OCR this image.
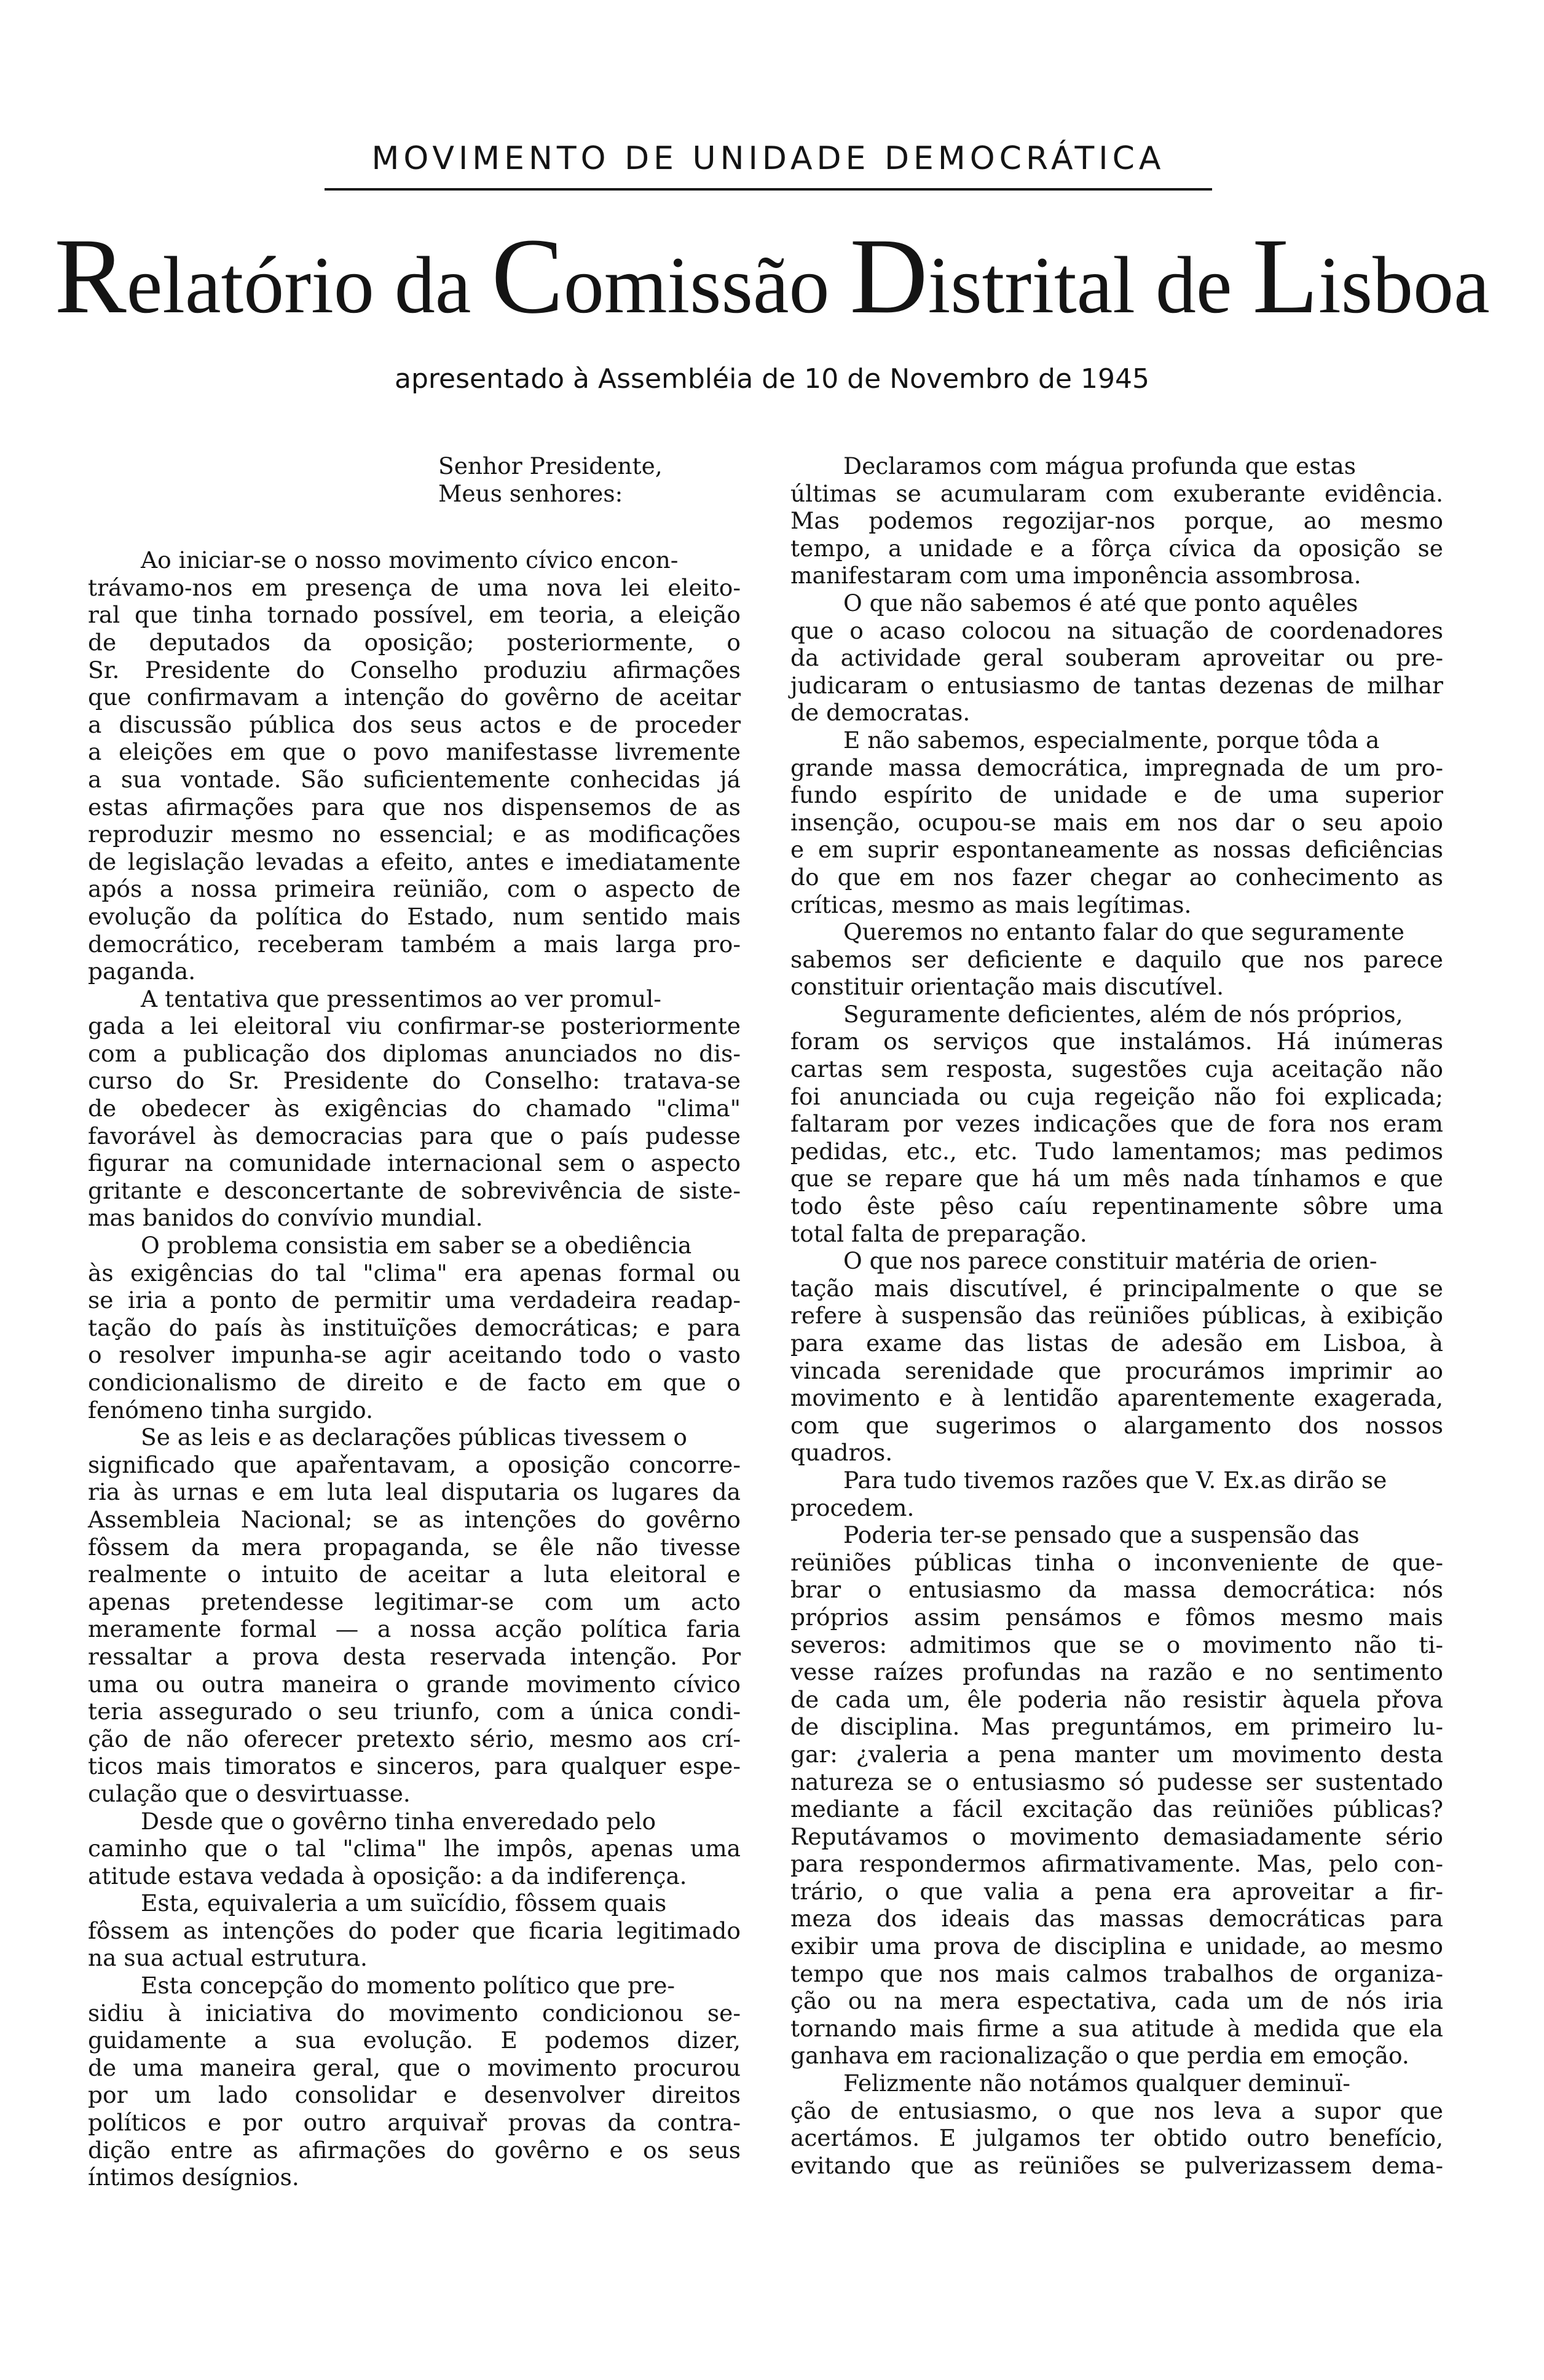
MOVIMENTO DE UNIDADE DEMOCRÁTICA
Relatório da Comissão Distrital de Lisboa
apresentado à Assembléia de 10 de Novembro de 1945
Senhor Presidente,
Meus senhores:
Ao iniciar-se o nosso movimento cívico encon-
trávamo-nos em presença de uma nova lei eleito-
ral que tinha tornado possível, em teoria, a eleição
de deputados da oposição; posteriormente, o
Sr. Presidente do Conselho produziu afirmações
que confirmavam a intenção do govêrno de aceitar
a discussão pública dos seus actos e de proceder
a eleições em que o povo manifestasse livremente
a sua vontade. São suficientemente conhecidas já
estas afirmações para que nos dispensemos de as
reproduzir mesmo no essencial; e as modificações
de legislação levadas a efeito, antes e imediatamente
após a nossa primeira reünião, com o aspecto de
evolução da política do Estado, num sentido mais
democrático, receberam também a mais larga pro-
paganda.
A tentativa que pressentimos ao ver promul-
gada a lei eleitoral viu confirmar-se posteriormente
com a publicação dos diplomas anunciados no dis-
curso do Sr. Presidente do Conselho: tratava-se
de obedecer às exigências do chamado "clima"
favorável às democracias para que o país pudesse
figurar na comunidade internacional sem o aspecto
gritante e desconcertante de sobrevivência de siste-
mas banidos do convívio mundial.
O problema consistia em saber se a obediência
às exigências do tal "clima" era apenas formal ou
se iria a ponto de permitir uma verdadeira readap-
tação do país às instituïções democráticas; e para
o resolver impunha-se agir aceitando todo o vasto
condicionalismo de direito e de facto em que o
fenómeno tinha surgido.
Se as leis e as declarações públicas tivessem o
significado que apařentavam, a oposição concorre-
ria às urnas e em luta leal disputaria os lugares da
Assembleia Nacional; se as intenções do govêrno
fôssem da mera propaganda, se êle não tivesse
realmente o intuito de aceitar a luta eleitoral e
apenas pretendesse legitimar-se com um acto
meramente formal — a nossa acção política faria
ressaltar a prova desta reservada intenção. Por
uma ou outra maneira o grande movimento cívico
teria assegurado o seu triunfo, com a única condi-
ção de não oferecer pretexto sério, mesmo aos crí-
ticos mais timoratos e sinceros, para qualquer espe-
culação que o desvirtuasse.
Desde que o govêrno tinha enveredado pelo
caminho que o tal "clima" lhe impôs, apenas uma
atitude estava vedada à oposição: a da indiferença.
Esta, equivaleria a um suïcídio, fôssem quais
fôssem as intenções do poder que ficaria legitimado
na sua actual estrutura.
Esta concepção do momento político que pre-
sidiu à iniciativa do movimento condicionou se-
guidamente a sua evolução. E podemos dizer,
de uma maneira geral, que o movimento procurou
por um lado consolidar e desenvolver direitos
políticos e por outro arquivař provas da contra-
dição entre as afirmações do govêrno e os seus
íntimos desígnios.
Declaramos com mágua profunda que estas
últimas se acumularam com exuberante evidência.
Mas podemos regozijar-nos porque, ao mesmo
tempo, a unidade e a fôrça cívica da oposição se
manifestaram com uma imponência assombrosa.
O que não sabemos é até que ponto aquêles
que o acaso colocou na situação de coordenadores
da actividade geral souberam aproveitar ou pre-
judicaram o entusiasmo de tantas dezenas de milhar
de democratas.
E não sabemos, especialmente, porque tôda a
grande massa democrática, impregnada de um pro-
fundo espírito de unidade e de uma superior
insenção, ocupou-se mais em nos dar o seu apoio
e em suprir espontaneamente as nossas deficiências
do que em nos fazer chegar ao conhecimento as
críticas, mesmo as mais legítimas.
Queremos no entanto falar do que seguramente
sabemos ser deficiente e daquilo que nos parece
constituir orientação mais discutível.
Seguramente deficientes, além de nós próprios,
foram os serviços que instalámos. Há inúmeras
cartas sem resposta, sugestões cuja aceitação não
foi anunciada ou cuja regeição não foi explicada;
faltaram por vezes indicações que de fora nos eram
pedidas, etc., etc. Tudo lamentamos; mas pedimos
que se repare que há um mês nada tínhamos e que
todo êste pêso caíu repentinamente sôbre uma
total falta de preparação.
O que nos parece constituir matéria de orien-
tação mais discutível, é principalmente o que se
refere à suspensão das reüniões públicas, à exibição
para exame das listas de adesão em Lisboa, à
vincada serenidade que procurámos imprimir ao
movimento e à lentidão aparentemente exagerada,
com que sugerimos o alargamento dos nossos
quadros.
Para tudo tivemos razões que V. Ex.as dirão se
procedem.
Poderia ter-se pensado que a suspensão das
reüniões públicas tinha o inconveniente de que-
brar o entusiasmo da massa democrática: nós
próprios assim pensámos e fômos mesmo mais
severos: admitimos que se o movimento não ti-
vesse raízes profundas na razão e no sentimento
de cada um, êle poderia não resistir àquela přova
de disciplina. Mas preguntámos, em primeiro lu-
gar: ¿valeria a pena manter um movimento desta
natureza se o entusiasmo só pudesse ser sustentado
mediante a fácil excitação das reüniões públicas?
Reputávamos o movimento demasiadamente sério
para respondermos afirmativamente. Mas, pelo con-
trário, o que valia a pena era aproveitar a fir-
meza dos ideais das massas democráticas para
exibir uma prova de disciplina e unidade, ao mesmo
tempo que nos mais calmos trabalhos de organiza-
ção ou na mera espectativa, cada um de nós iria
tornando mais firme a sua atitude à medida que ela
ganhava em racionalização o que perdia em emoção.
Felizmente não notámos qualquer deminuï-
ção de entusiasmo, o que nos leva a supor que
acertámos. E julgamos ter obtido outro benefício,
evitando que as reüniões se pulverizassem dema-
